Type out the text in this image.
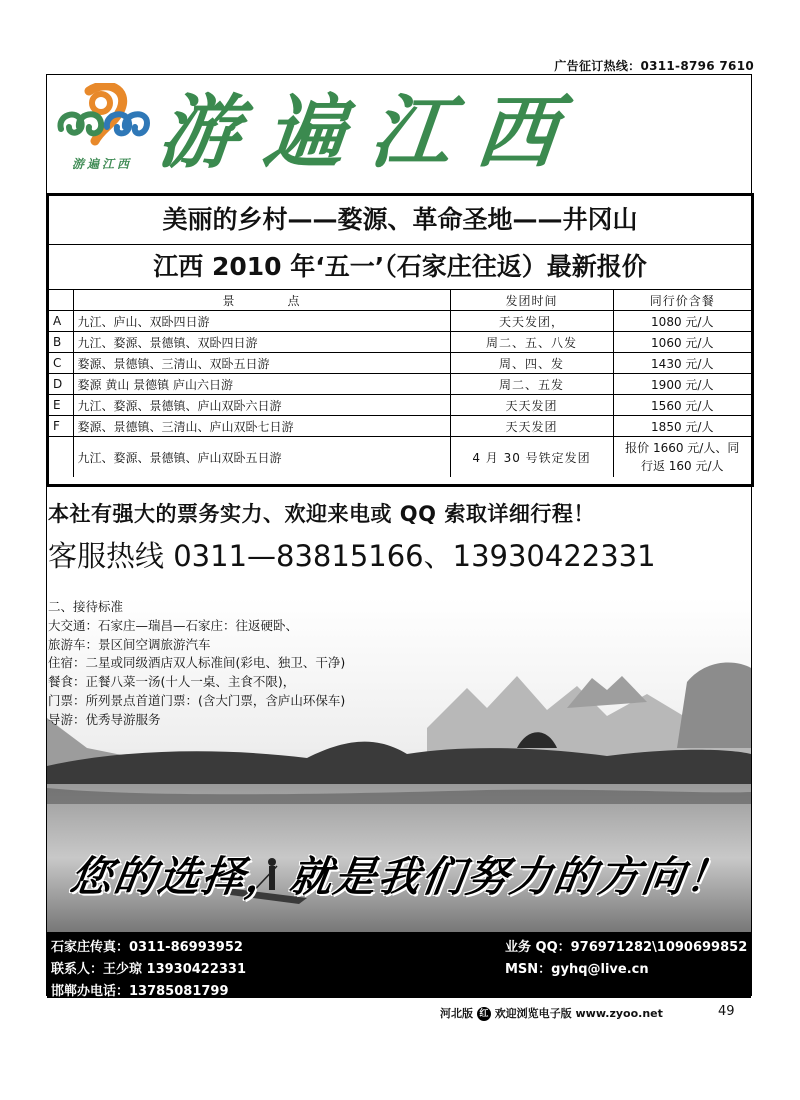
广告征订热线：0311-8796 7610
游遍江西 游遍江西
美丽的乡村——婺源、革命圣地——井冈山
江西 2010 年‘五一’（石家庄往返）最新报价
	景　　　　点	发团时间	同行价含餐
A	九江、庐山、双卧四日游	天天发团，	1080 元/人
B	九江、婺源、景德镇、双卧四日游	周二、五、八发	1060 元/人
C	婺源、景德镇、三清山、双卧五日游	周、四、发	1430 元/人
D	婺源 黄山 景德镇 庐山六日游	周二、五发	1900 元/人
E	九江、婺源、景德镇、庐山双卧六日游	天天发团	1560 元/人
F	婺源、景德镇、三清山、庐山双卧七日游	天天发团	1850 元/人
	九江、婺源、景德镇、庐山双卧五日游	4 月 30 号铁定发团	报价 1660 元/人、同
行返 160 元/人
本社有强大的票务实力、欢迎来电或 QQ 索取详细行程！
客服热线 0311—83815166、13930422331
二、接待标准
大交通：石家庄—瑞昌—石家庄：往返硬卧、
旅游车：景区间空调旅游汽车
住宿：二星或同级酒店双人标准间(彩电、独卫、干净)
餐食：正餐八菜一汤(十人一桌、主食不限)，
门票：所列景点首道门票：(含大门票，含庐山环保车)
导游：优秀导游服务
您的选择，就是我们努力的方向！
石家庄传真：0311-86993952
联系人：王少琼 13930422331
邯郸办电话：13785081799
业务 QQ：976971282\1090699852
MSN：gyhq@live.cn
河北版 红 欢迎浏览电子版 www.zyoo.net	49
